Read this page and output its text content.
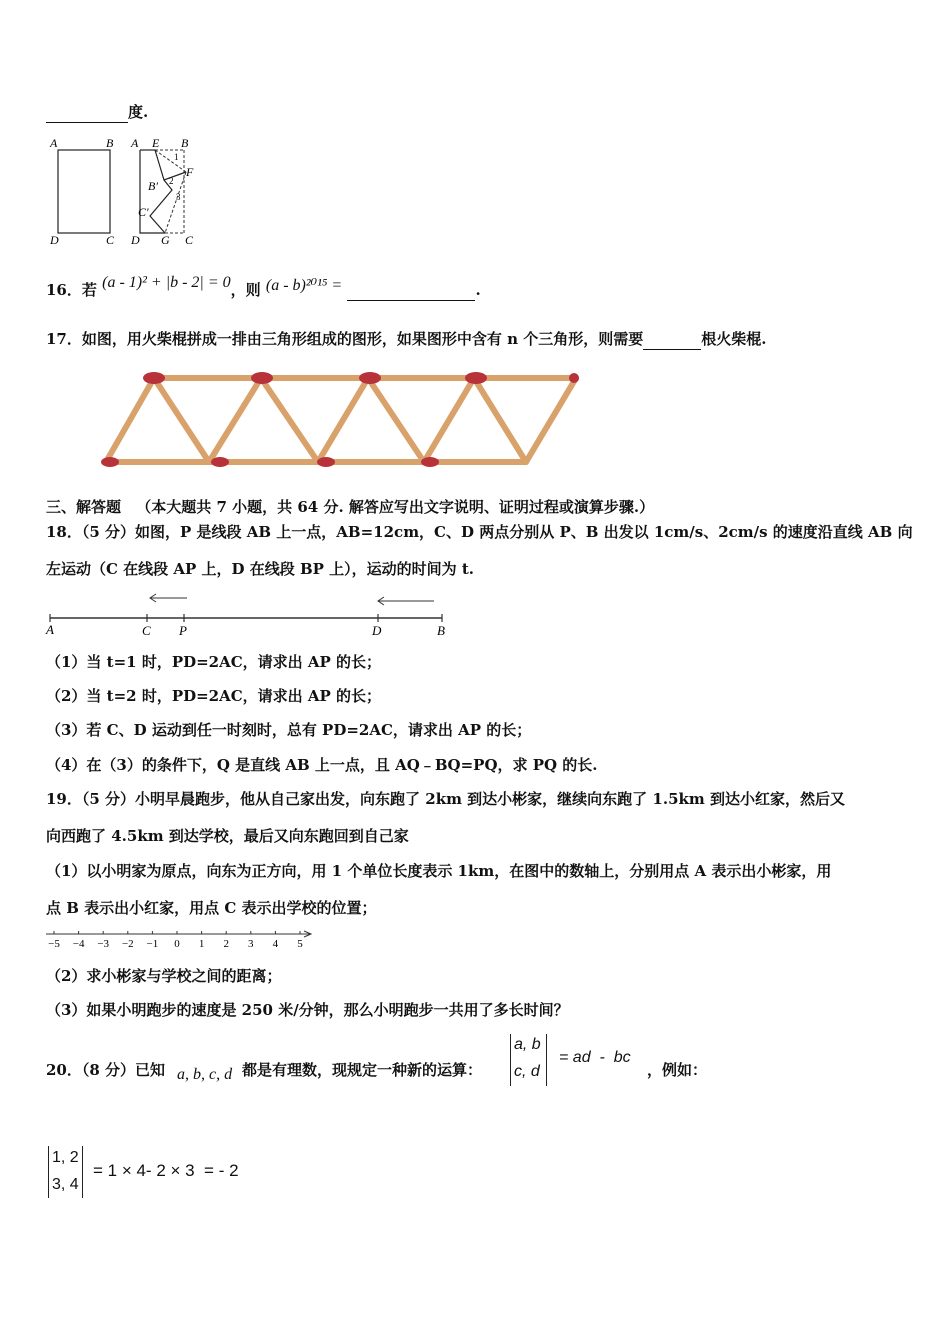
度.
A	B
D	C
A E B
B′
F
C′
D G C
1
2
3
16．若 (a - 1)² + |b - 2| = 0，则 (a - b)²⁰¹⁵ =	.
17．如图，用火柴棍拼成一排由三角形组成的图形，如果图形中含有 n 个三角形，则需要	根火柴棍.
三、解答题 （本大题共 7 小题，共 64 分. 解答应写出文字说明、证明过程或演算步骤.）
18．（5 分）如图，P 是线段 AB 上一点，AB=12cm，C、D 两点分别从 P、B 出发以 1cm/s、2cm/s 的速度沿直线 AB 向
左运动（C 在线段 AP 上，D 在线段 BP 上），运动的时间为 t.
A	C P	D	B
（1）当 t=1 时，PD=2AC，请求出 AP 的长；
（2）当 t=2 时，PD=2AC，请求出 AP 的长；
（3）若 C、D 运动到任一时刻时，总有 PD=2AC，请求出 AP 的长；
（4）在（3）的条件下，Q 是直线 AB 上一点，且 AQ﹣BQ=PQ，求 PQ 的长.
19．（5 分）小明早晨跑步，他从自己家出发，向东跑了 2km 到达小彬家，继续向东跑了 1.5km 到达小红家，然后又
向西跑了 4.5km 到达学校，最后又向东跑回到自己家
（1）以小明家为原点，向东为正方向，用 1 个单位长度表示 1km，在图中的数轴上，分别用点 A 表示出小彬家，用
点 B 表示出小红家，用点 C 表示出学校的位置；
−5 −4 −3 −2 −1 0 1 2 3 4 5
（2）求小彬家与学校之间的距离；
（3）如果小明跑步的速度是 250 米/分钟，那么小明跑步一共用了多长时间？
20．（8 分）已知 a, b, c, d 都是有理数，现规定一种新的运算：
a, b
c, d
= ad  -  bc
，例如：
1, 2
3, 4
= 1 × 4- 2 × 3  = - 2
